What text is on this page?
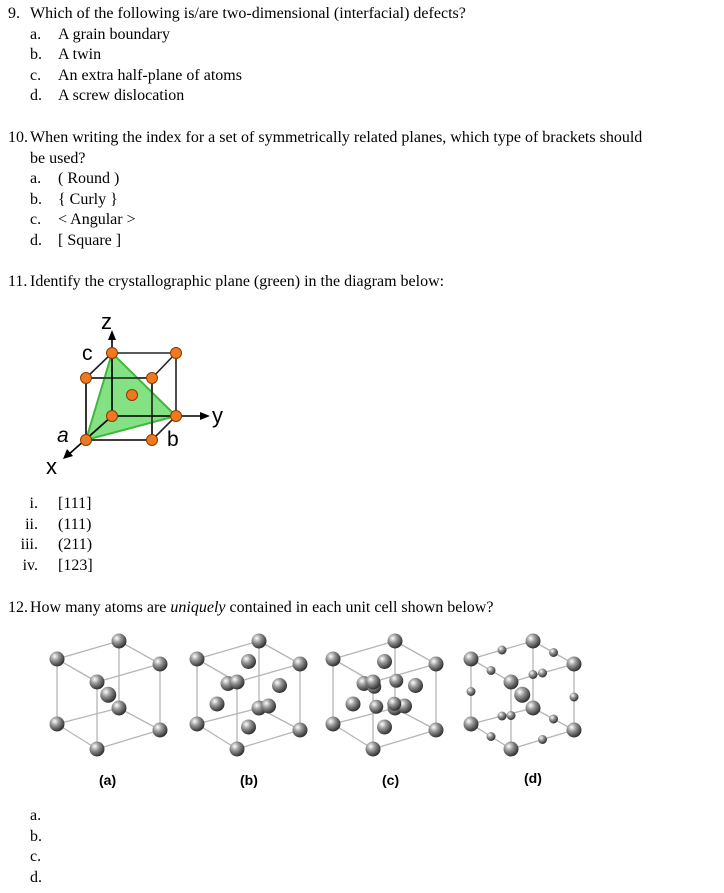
9. Which of the following is/are two-dimensional (interfacial) defects?
a.	A grain boundary
b.	A twin
c.	An extra half-plane of atoms
d.	A screw dislocation
10. When writing the index for a set of symmetrically related planes, which type of brackets should
be used?
a.	( Round )
b.	{ Curly }
c.	< Angular >
d.	[ Square ]
11. Identify the crystallographic plane (green) in the diagram below:
z
y
x
c
a	b
i. [111]
ii. (111)
iii. (211)
iv. [123]
12. How many atoms are uniquely contained in each unit cell shown below?
(a)	(b)	(c)	(d)
a.
b.
c.
d.
